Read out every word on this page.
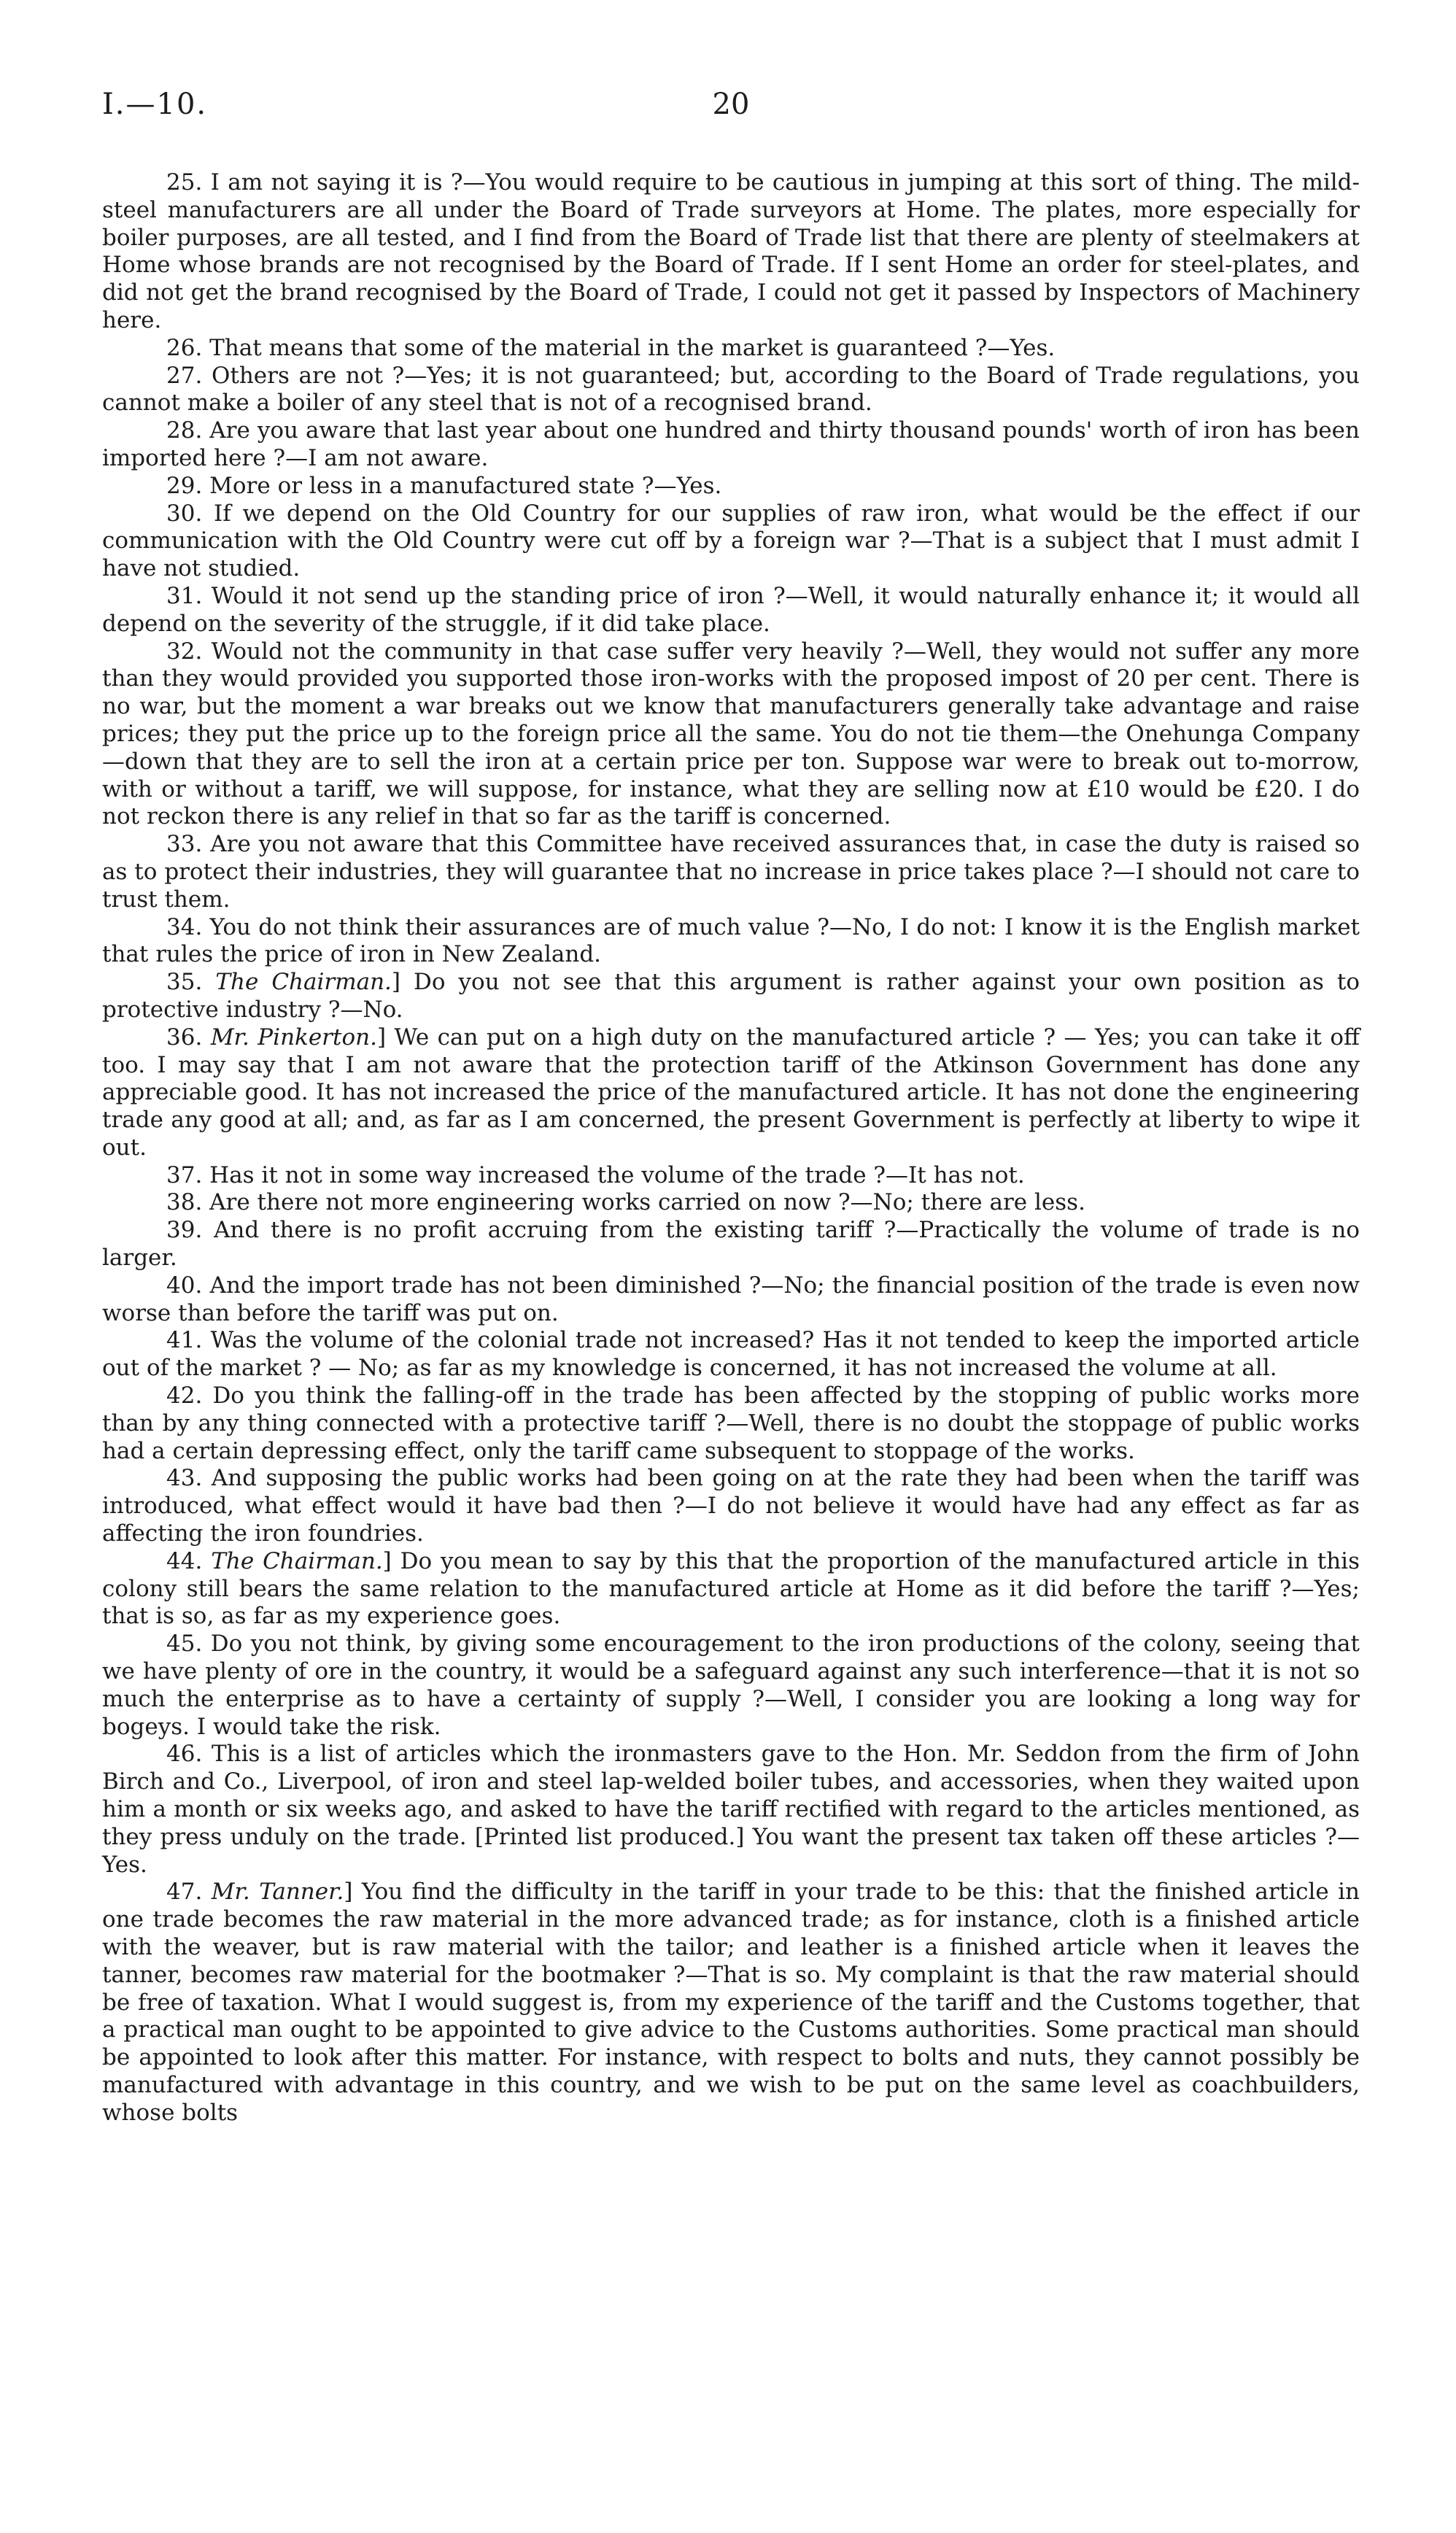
I.—10.	20

25. I am not saying it is ?—You would require to be cautious in jumping at this sort of thing. The mild-steel manufacturers are all under the Board of Trade surveyors at Home. The plates, more especially for boiler purposes, are all tested, and I find from the Board of Trade list that there are plenty of steelmakers at Home whose brands are not recognised by the Board of Trade. If I sent Home an order for steel-plates, and did not get the brand recognised by the Board of Trade, I could not get it passed by Inspectors of Machinery here.

26. That means that some of the material in the market is guaranteed ?—Yes.

27. Others are not ?—Yes; it is not guaranteed; but, according to the Board of Trade regulations, you cannot make a boiler of any steel that is not of a recognised brand.

28. Are you aware that last year about one hundred and thirty thousand pounds' worth of iron has been imported here ?—I am not aware.

29. More or less in a manufactured state ?—Yes.

30. If we depend on the Old Country for our supplies of raw iron, what would be the effect if our communication with the Old Country were cut off by a foreign war ?—That is a subject that I must admit I have not studied.

31. Would it not send up the standing price of iron ?—Well, it would naturally enhance it; it would all depend on the severity of the struggle, if it did take place.

32. Would not the community in that case suffer very heavily ?—Well, they would not suffer any more than they would provided you supported those iron-works with the proposed impost of 20 per cent. There is no war, but the moment a war breaks out we know that manufacturers generally take advantage and raise prices; they put the price up to the foreign price all the same. You do not tie them—the Onehunga Company—down that they are to sell the iron at a certain price per ton. Suppose war were to break out to-morrow, with or without a tariff, we will suppose, for instance, what they are selling now at £10 would be £20. I do not reckon there is any relief in that so far as the tariff is concerned.

33. Are you not aware that this Committee have received assurances that, in case the duty is raised so as to protect their industries, they will guarantee that no increase in price takes place ?—I should not care to trust them.

34. You do not think their assurances are of much value ?—No, I do not: I know it is the English market that rules the price of iron in New Zealand.

35. The Chairman.] Do you not see that this argument is rather against your own position as to protective industry ?—No.

36. Mr. Pinkerton.] We can put on a high duty on the manufactured article ? — Yes; you can take it off too. I may say that I am not aware that the protection tariff of the Atkinson Government has done any appreciable good. It has not increased the price of the manufactured article. It has not done the engineering trade any good at all; and, as far as I am concerned, the present Government is perfectly at liberty to wipe it out.

37. Has it not in some way increased the volume of the trade ?—It has not.

38. Are there not more engineering works carried on now ?—No; there are less.

39. And there is no profit accruing from the existing tariff ?—Practically the volume of trade is no larger.

40. And the import trade has not been diminished ?—No; the financial position of the trade is even now worse than before the tariff was put on.

41. Was the volume of the colonial trade not increased? Has it not tended to keep the imported article out of the market ? — No; as far as my knowledge is concerned, it has not increased the volume at all.

42. Do you think the falling-off in the trade has been affected by the stopping of public works more than by any thing connected with a protective tariff ?—Well, there is no doubt the stoppage of public works had a certain depressing effect, only the tariff came subsequent to stoppage of the works.

43. And supposing the public works had been going on at the rate they had been when the tariff was introduced, what effect would it have bad then ?—I do not believe it would have had any effect as far as affecting the iron foundries.

44. The Chairman.] Do you mean to say by this that the proportion of the manufactured article in this colony still bears the same relation to the manufactured article at Home as it did before the tariff ?—Yes; that is so, as far as my experience goes.

45. Do you not think, by giving some encouragement to the iron productions of the colony, seeing that we have plenty of ore in the country, it would be a safeguard against any such interference—that it is not so much the enterprise as to have a certainty of supply ?—Well, I consider you are looking a long way for bogeys. I would take the risk.

46. This is a list of articles which the ironmasters gave to the Hon. Mr. Seddon from the firm of John Birch and Co., Liverpool, of iron and steel lap-welded boiler tubes, and accessories, when they waited upon him a month or six weeks ago, and asked to have the tariff rectified with regard to the articles mentioned, as they press unduly on the trade. [Printed list produced.] You want the present tax taken off these articles ?—Yes.

47. Mr. Tanner.] You find the difficulty in the tariff in your trade to be this: that the finished article in one trade becomes the raw material in the more advanced trade; as for instance, cloth is a finished article with the weaver, but is raw material with the tailor; and leather is a finished article when it leaves the tanner, becomes raw material for the bootmaker ?—That is so. My complaint is that the raw material should be free of taxation. What I would suggest is, from my experience of the tariff and the Customs together, that a practical man ought to be appointed to give advice to the Customs authorities. Some practical man should be appointed to look after this matter. For instance, with respect to bolts and nuts, they cannot possibly be manufactured with advantage in this country, and we wish to be put on the same level as coachbuilders, whose bolts
